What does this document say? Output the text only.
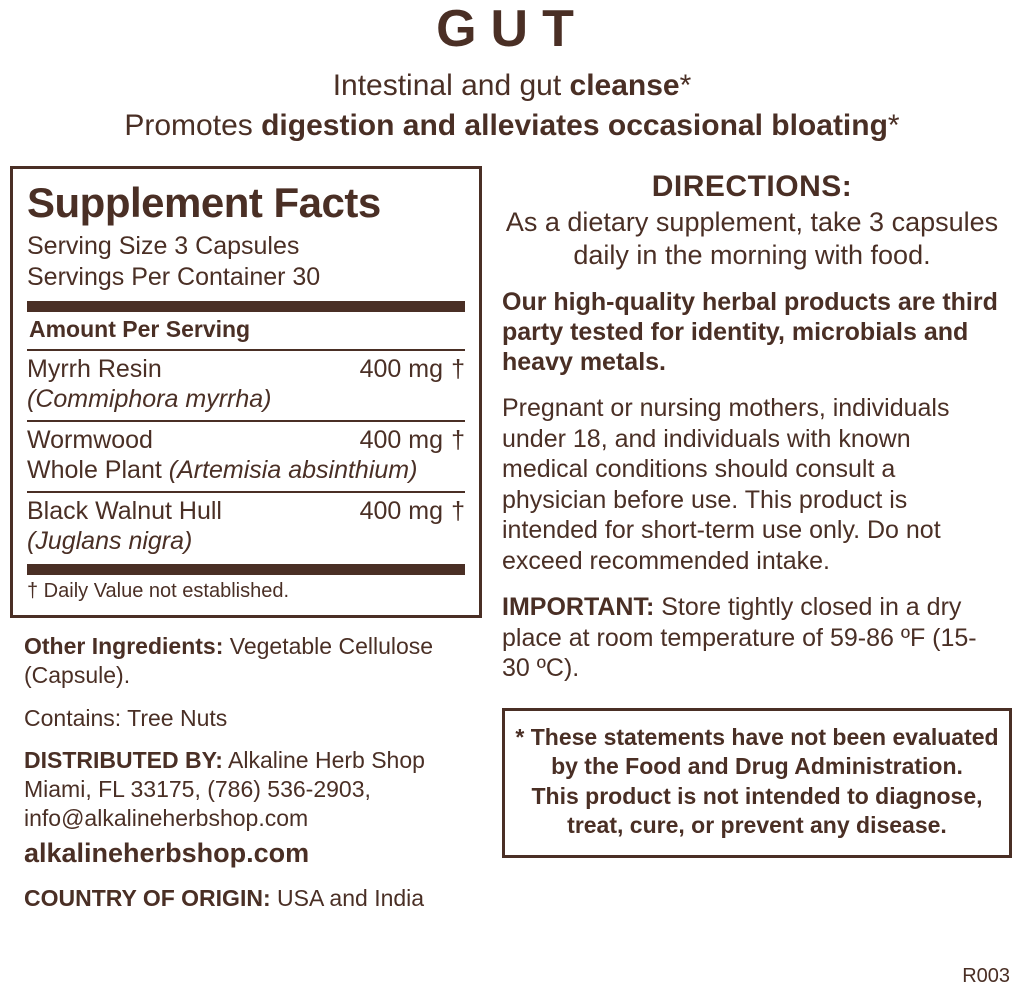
GUT
Intestinal and gut cleanse*
Promotes digestion and alleviates occasional bloating*
Supplement Facts
Serving Size 3 Capsules
Servings Per Container 30
Amount Per Serving
Myrrh Resin	400 mg †
(Commiphora myrrha)
Wormwood	400 mg †
Whole Plant (Artemisia absinthium)
Black Walnut Hull	400 mg †
(Juglans nigra)
† Daily Value not established.
Other Ingredients: Vegetable Cellulose (Capsule).
Contains: Tree Nuts
DISTRIBUTED BY: Alkaline Herb Shop
Miami, FL 33175, (786) 536-2903,
info@alkalineherbshop.com
alkalineherbshop.com
COUNTRY OF ORIGIN: USA and India
DIRECTIONS:
As a dietary supplement, take 3 capsules daily in the morning with food.
Our high-quality herbal products are third party tested for identity, microbials and heavy metals.
Pregnant or nursing mothers, individuals under 18, and individuals with known medical conditions should consult a physician before use. This product is intended for short-term use only. Do not exceed recommended intake.
IMPORTANT: Store tightly closed in a dry place at room temperature of 59-86 ºF (15-30 ºC).
* These statements have not been evaluated
by the Food and Drug Administration.
This product is not intended to diagnose,
treat, cure, or prevent any disease.
R003
